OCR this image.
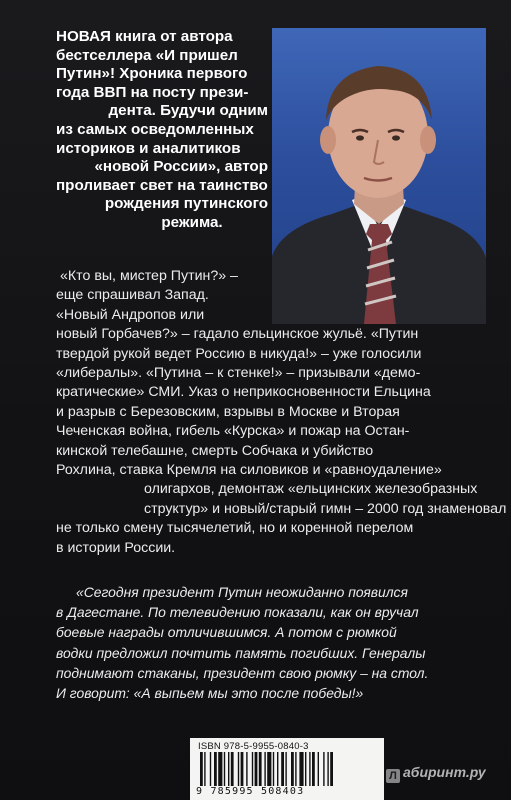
НОВАЯ книга от автора
бестселлера «И пришел
Путин»! Хроника первого
года ВВП на посту прези-
дента. Будучи одним
из самых осведомленных
историков и аналитиков
«новой России», автор
проливает свет на таинство
рождения путинского
режима.
«Кто вы, мистер Путин?» –
еще спрашивал Запад.
«Новый Андропов или
новый Горбачев?» – гадало ельцинское жульё. «Путин
твердой рукой ведет Россию в никуда!» – уже голосили
«либералы». «Путина – к стенке!» – призывали «демо-
кратические» СМИ. Указ о неприкосновенности Ельцина
и разрыв с Березовским, взрывы в Москве и Вторая
Чеченская война, гибель «Курска» и пожар на Остан-
кинской телебашне, смерть Собчака и убийство
Рохлина, ставка Кремля на силовиков и «равноудаление»
олигархов, демонтаж «ельцинских железобразных
структур» и новый/старый гимн – 2000 год знаменовал
не только смену тысячелетий, но и коренной перелом
в истории России.
«Сегодня президент Путин неожиданно появился
в Дагестане. По телевидению показали, как он вручал
боевые награды отличившимся. А потом с рюмкой
водки предложил почтить память погибших. Генералы
поднимают стаканы, президент свою рюмку – на стол.
И говорит: «А выпьем мы это после победы!»
ISBN 978-5-9955-0840-3
9 785995 508403
Л абиринт.ру
